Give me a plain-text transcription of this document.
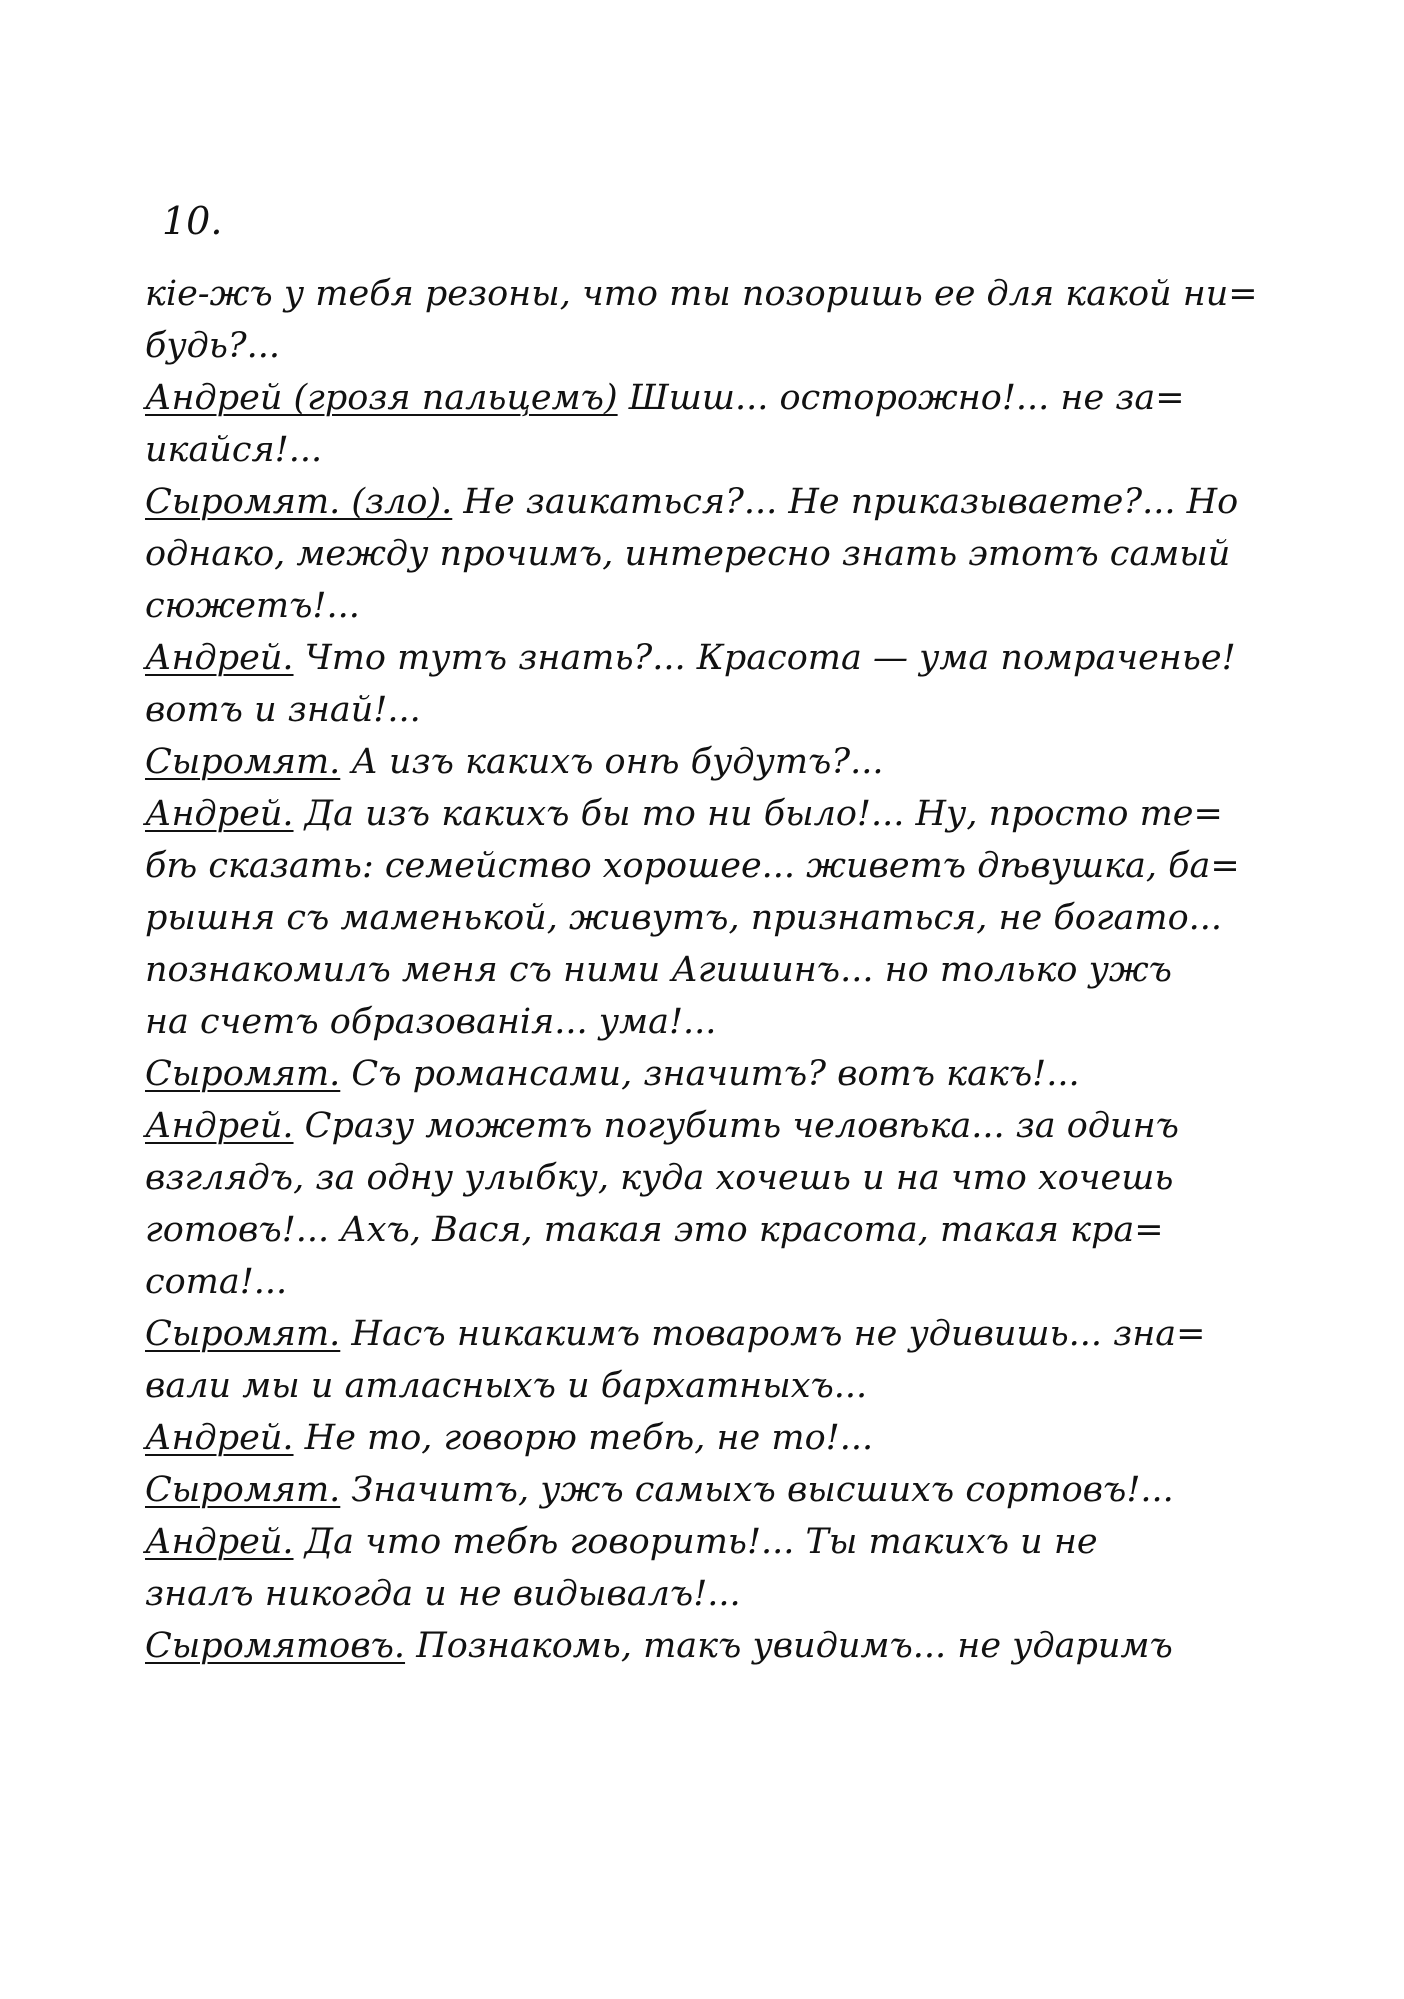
10.
кіе-жъ у тебя резоны, что ты позоришь ее для какой ни=
будь?...
Андрей (грозя пальцемъ) Шшш... осторожно!... не за=
икайся!...
Сыромят. (зло). Не заикаться?... Не приказываете?... Но
однако, между прочимъ, интересно знать этотъ самый
сюжетъ!...
Андрей. Что тутъ знать?... Красота — ума помраченье!
вотъ и знай!...
Сыромят. А изъ какихъ онѣ будутъ?...
Андрей. Да изъ какихъ бы то ни было!... Ну, просто те=
бѣ сказать: семейство хорошее... живетъ дѣвушка, ба=
рышня съ маменькой, живутъ, признаться, не богато...
познакомилъ меня съ ними Агишинъ... но только ужъ
на счетъ образованія... ума!...
Сыромят. Съ романсами, значитъ? вотъ какъ!...
Андрей. Сразу можетъ погубить человѣка... за одинъ
взглядъ, за одну улыбку, куда хочешь и на что хочешь
готовъ!... Ахъ, Вася, такая это красота, такая кра=
сота!...
Сыромят. Насъ никакимъ товаромъ не удивишь... зна=
вали мы и атласныхъ и бархатныхъ...
Андрей. Не то, говорю тебѣ, не то!...
Сыромят. Значитъ, ужъ самыхъ высшихъ сортовъ!...
Андрей. Да что тебѣ говорить!... Ты такихъ и не
зналъ никогда и не видывалъ!...
Сыромятовъ. Познакомь, такъ увидимъ... не ударимъ
